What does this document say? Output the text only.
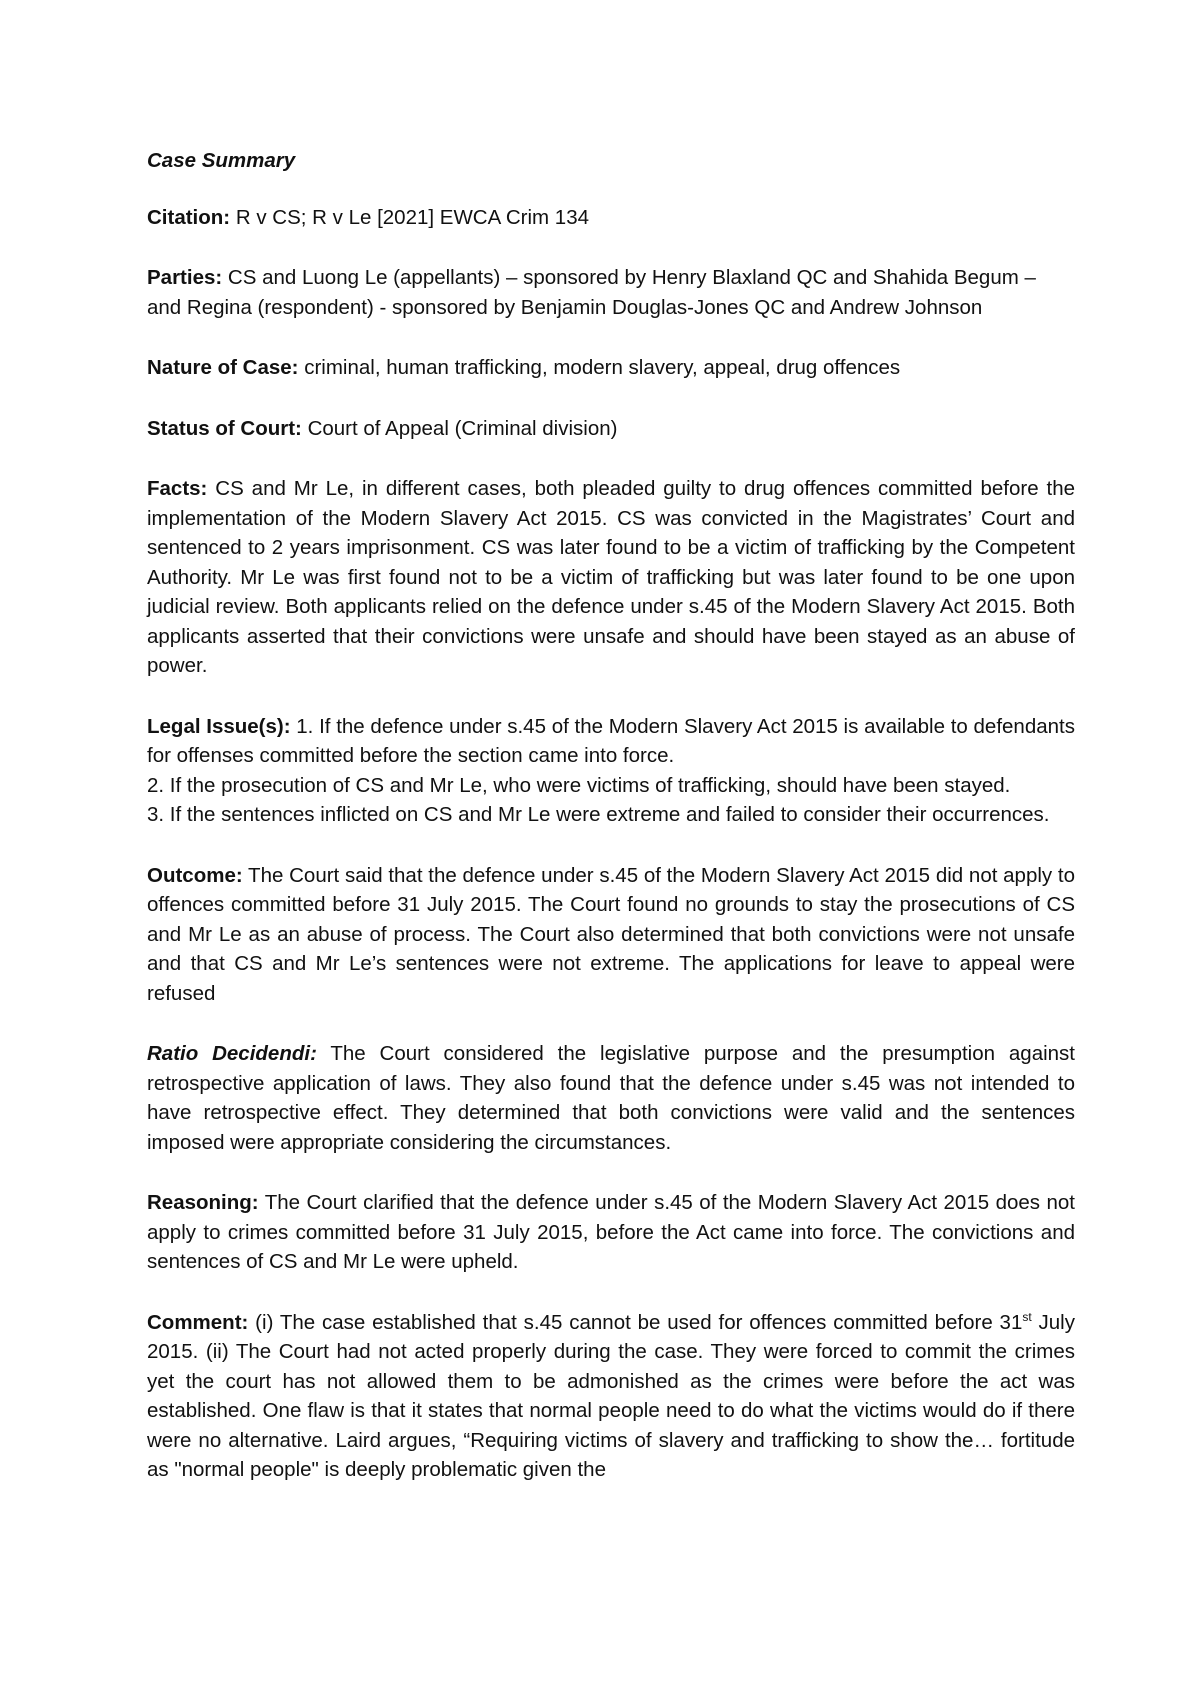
Case Summary
Citation: R v CS; R v Le [2021] EWCA Crim 134
Parties: CS and Luong Le (appellants) – sponsored by Henry Blaxland QC and Shahida Begum – and Regina (respondent) - sponsored by Benjamin Douglas-Jones QC and Andrew Johnson
Nature of Case: criminal, human trafficking, modern slavery, appeal, drug offences
Status of Court: Court of Appeal (Criminal division)
Facts: CS and Mr Le, in different cases, both pleaded guilty to drug offences committed before the implementation of the Modern Slavery Act 2015. CS was convicted in the Magistrates’ Court and sentenced to 2 years imprisonment. CS was later found to be a victim of trafficking by the Competent Authority. Mr Le was first found not to be a victim of trafficking but was later found to be one upon judicial review. Both applicants relied on the defence under s.45 of the Modern Slavery Act 2015. Both applicants asserted that their convictions were unsafe and should have been stayed as an abuse of power.
Legal Issue(s): 1. If the defence under s.45 of the Modern Slavery Act 2015 is available to defendants for offenses committed before the section came into force.
2. If the prosecution of CS and Mr Le, who were victims of trafficking, should have been stayed.
3. If the sentences inflicted on CS and Mr Le were extreme and failed to consider their occurrences.
Outcome: The Court said that the defence under s.45 of the Modern Slavery Act 2015 did not apply to offences committed before 31 July 2015. The Court found no grounds to stay the prosecutions of CS and Mr Le as an abuse of process. The Court also determined that both convictions were not unsafe and that CS and Mr Le’s sentences were not extreme. The applications for leave to appeal were refused
Ratio Decidendi: The Court considered the legislative purpose and the presumption against retrospective application of laws. They also found that the defence under s.45 was not intended to have retrospective effect. They determined that both convictions were valid and the sentences imposed were appropriate considering the circumstances.
Reasoning: The Court clarified that the defence under s.45 of the Modern Slavery Act 2015 does not apply to crimes committed before 31 July 2015, before the Act came into force. The convictions and sentences of CS and Mr Le were upheld.
Comment: (i) The case established that s.45 cannot be used for offences committed before 31st July 2015. (ii) The Court had not acted properly during the case. They were forced to commit the crimes yet the court has not allowed them to be admonished as the crimes were before the act was established. One flaw is that it states that normal people need to do what the victims would do if there were no alternative. Laird argues, “Requiring victims of slavery and trafficking to show the… fortitude as "normal people" is deeply problematic given the
